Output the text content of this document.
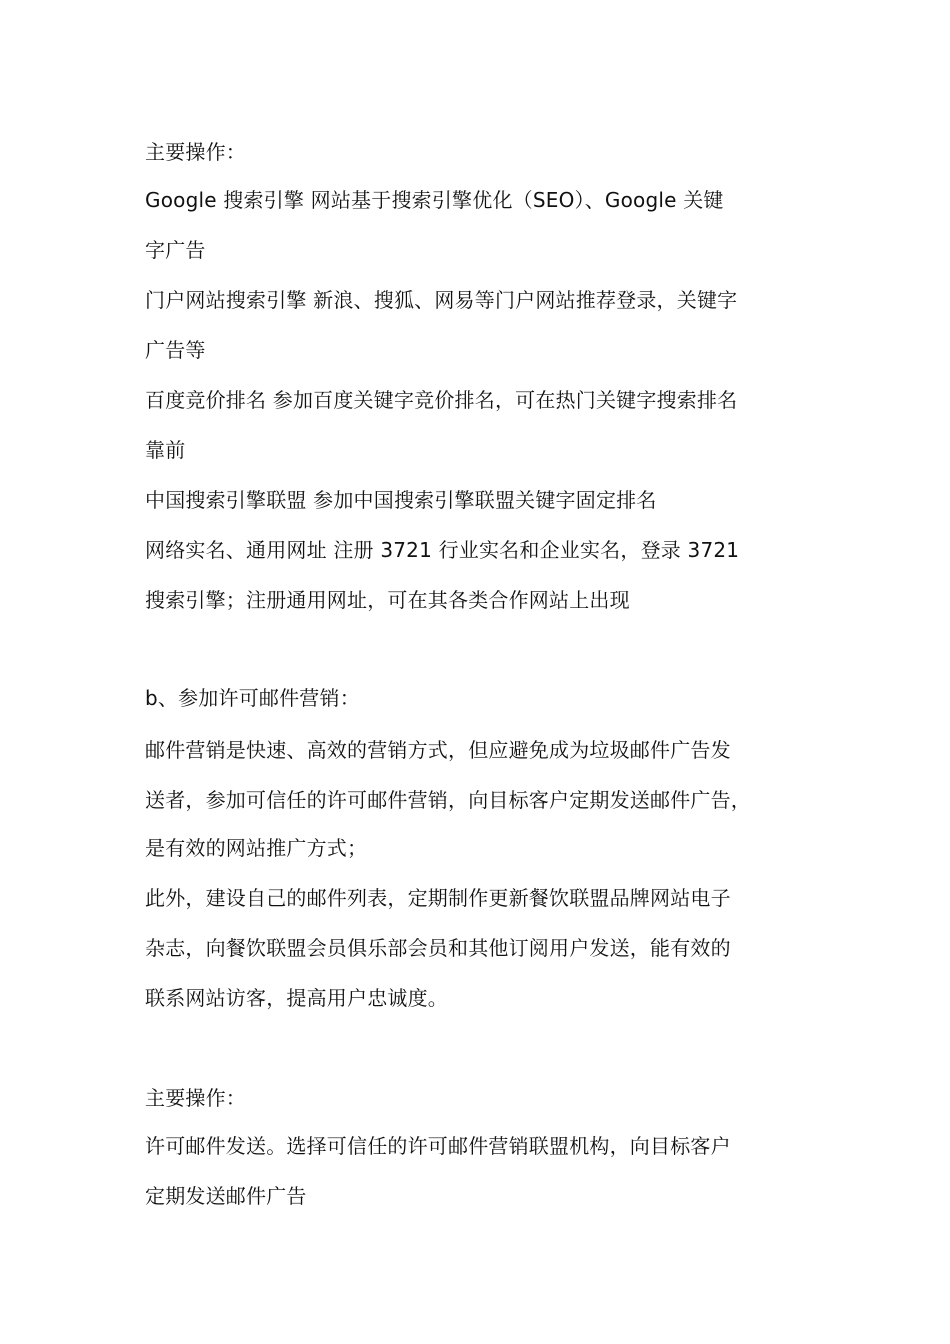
主要操作：
Google 搜索引擎 网站基于搜索引擎优化（SEO）、Google 关键
字广告
门户网站搜索引擎 新浪、搜狐、网易等门户网站推荐登录，关键字
广告等
百度竞价排名 参加百度关键字竞价排名，可在热门关键字搜索排名
靠前
中国搜索引擎联盟 参加中国搜索引擎联盟关键字固定排名
网络实名、通用网址 注册 3721 行业实名和企业实名，登录 3721
搜索引擎；注册通用网址，可在其各类合作网站上出现
b、参加许可邮件营销：
邮件营销是快速、高效的营销方式，但应避免成为垃圾邮件广告发
送者，参加可信任的许可邮件营销，向目标客户定期发送邮件广告，
是有效的网站推广方式；
此外，建设自己的邮件列表，定期制作更新餐饮联盟品牌网站电子
杂志，向餐饮联盟会员俱乐部会员和其他订阅用户发送，能有效的
联系网站访客，提高用户忠诚度。
主要操作：
许可邮件发送。选择可信任的许可邮件营销联盟机构，向目标客户
定期发送邮件广告
